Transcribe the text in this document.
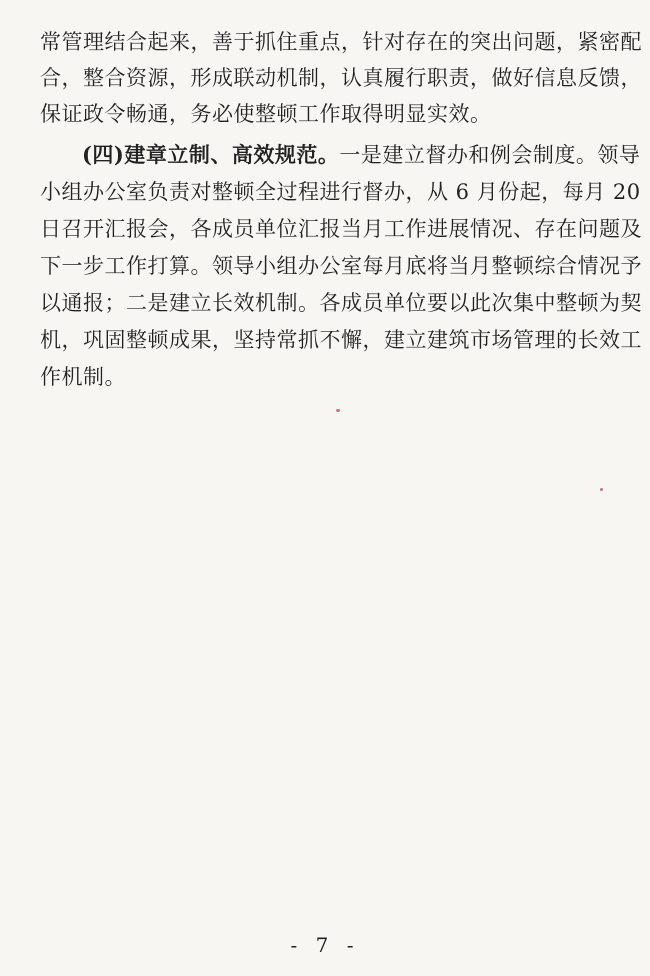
常管理结合起来，善于抓住重点，针对存在的突出问题，紧密配
合，整合资源，形成联动机制，认真履行职责，做好信息反馈，
保证政令畅通，务必使整顿工作取得明显实效。
(四)建章立制、高效规范。一是建立督办和例会制度。领导
小组办公室负责对整顿全过程进行督办，从 6 月份起，每月 20
日召开汇报会，各成员单位汇报当月工作进展情况、存在问题及
下一步工作打算。领导小组办公室每月底将当月整顿综合情况予
以通报；二是建立长效机制。各成员单位要以此次集中整顿为契
机，巩固整顿成果，坚持常抓不懈，建立建筑市场管理的长效工
作机制。
- 7 -
